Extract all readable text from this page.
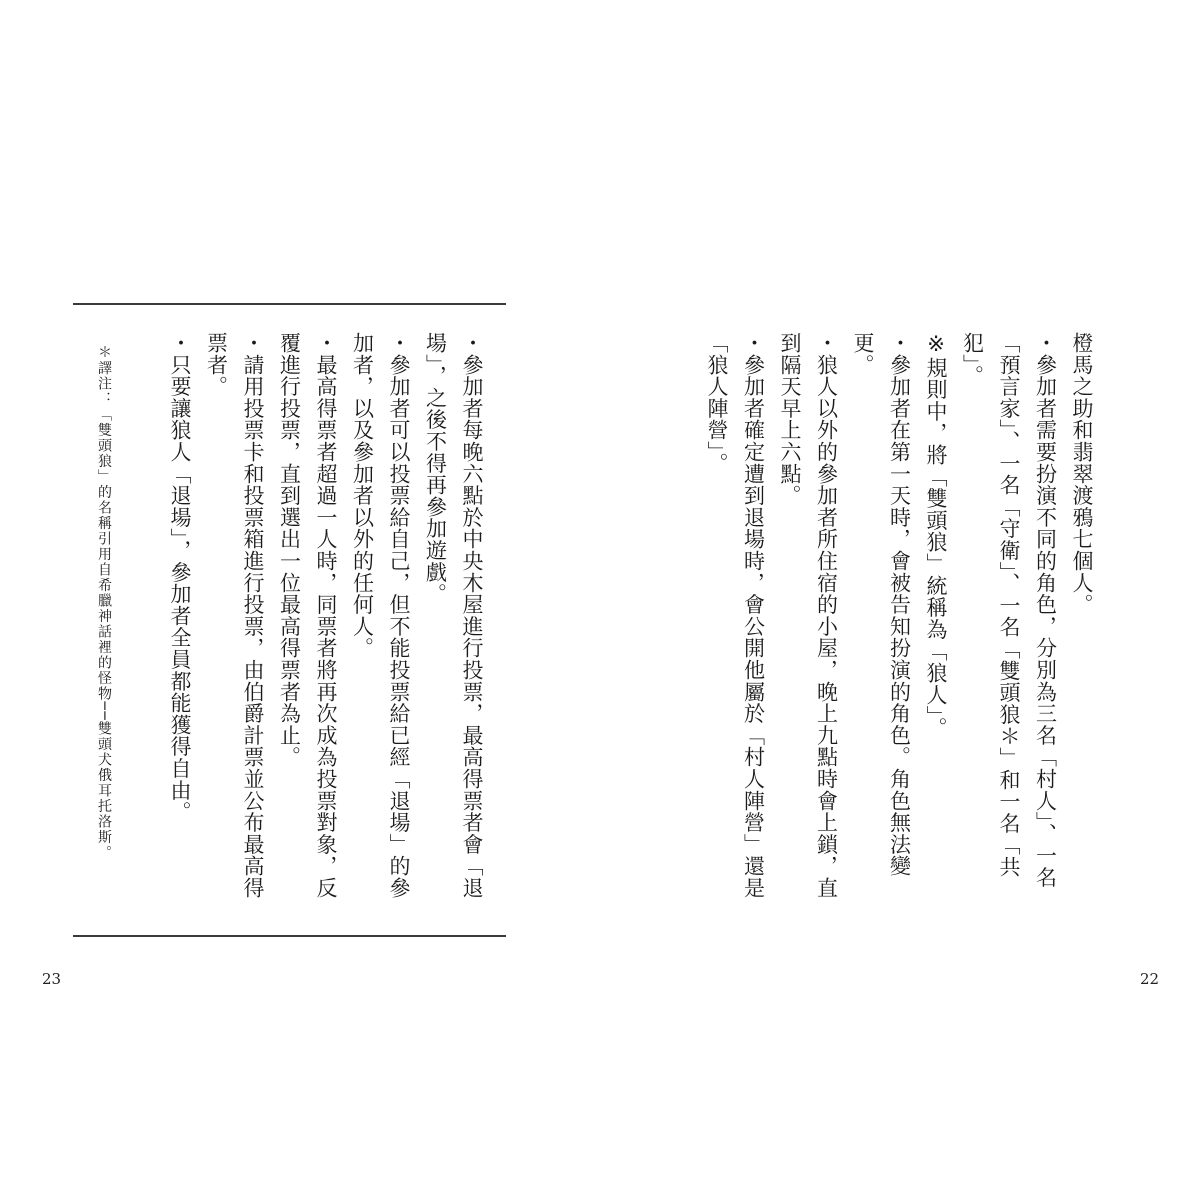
橙馬之助和翡翠渡鴉七個人。

・參加者需要扮演不同的角色，分別為三名「村人」、一名「預言家」、一名「守衛」、一名「雙頭狼＊」和一名「共犯」。

※規則中，將「雙頭狼」統稱為「狼人」。

・參加者在第一天時，會被告知扮演的角色。角色無法變更。

・狼人以外的參加者所住宿的小屋，晚上九點時會上鎖，直到隔天早上六點。

・參加者確定遭到退場時，會公開他屬於「村人陣營」還是「狼人陣營」。

22

・參加者每晚六點於中央木屋進行投票，最高得票者會「退場」，之後不得再參加遊戲。

・參加者可以投票給自己，但不能投票給已經「退場」的參加者，以及參加者以外的任何人。

・最高得票者超過一人時，同票者將再次成為投票對象，反覆進行投票，直到選出一位最高得票者為止。

・請用投票卡和投票箱進行投票，由伯爵計票並公布最高得票者。

・只要讓狼人「退場」，參加者全員都能獲得自由。

＊譯注：「雙頭狼」的名稱引用自希臘神話裡的怪物──雙頭犬俄耳托洛斯。
23
